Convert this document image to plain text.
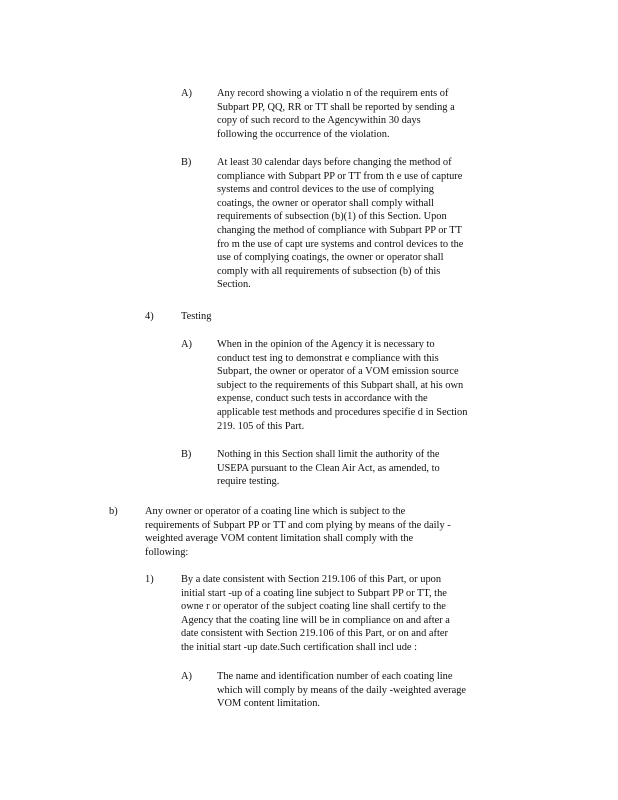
A) Any record showing a violatio n of the requirem ents of
Subpart PP, QQ, RR or TT shall be reported by sending a
copy of such record to the Agencywithin 30 days
following the occurrence of the violation.
B) At least 30 calendar days before changing the method of
compliance with Subpart PP or TT from th e use of capture
systems and control devices to the use of complying
coatings, the owner or operator shall comply withall
requirements of subsection (b)(1) of this Section. Upon
changing the method of compliance with Subpart PP or TT
fro m the use of capt ure systems and control devices to the
use of complying coatings, the owner or operator shall
comply with all requirements of subsection (b) of this
Section.
4)	Testing
A) When in the opinion of the Agency it is necessary to
conduct test ing to demonstrat e compliance with this
Subpart, the owner or operator of a VOM emission source
subject to the requirements of this Subpart shall, at his own
expense, conduct such tests in accordance with the
applicable test methods and procedures specifie d in Section
219. 105 of this Part.
B) Nothing in this Section shall limit the authority of the
USEPA pursuant to the Clean Air Act, as amended, to
require testing.
b)	Any owner or operator of a coating line which is subject to the
requirements of Subpart PP or TT and com plying by means of the daily -
weighted average VOM content limitation shall comply with the
following:
1)	By a date consistent with Section 219.106 of this Part, or upon
initial start -up of a coating line subject to Subpart PP or TT, the
owne r or operator of the subject coating line shall certify to the
Agency that the coating line will be in compliance on and after a
date consistent with Section 219.106 of this Part, or on and after
the initial start -up date.Such certification shall incl ude :
A) The name and identification number of each coating line
which will comply by means of the daily -weighted average
VOM content limitation.
